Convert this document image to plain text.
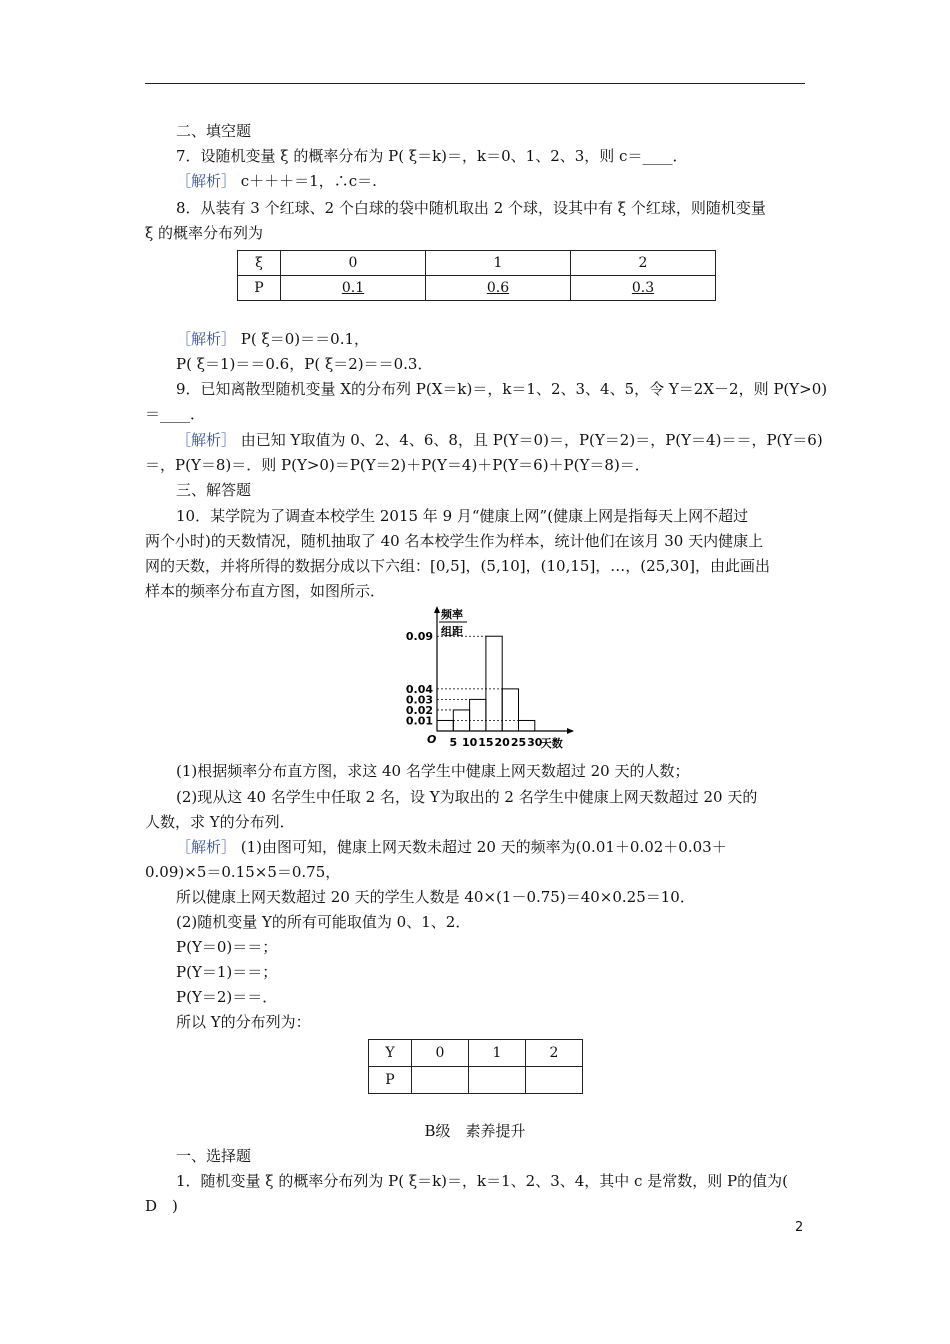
二、填空题
7．设随机变量 ξ 的概率分布为 P( ξ＝k)＝，k＝0、1、2、3，则 c＝____．
［解析］ c＋＋＋＝1，∴c＝.
8．从装有 3 个红球、2 个白球的袋中随机取出 2 个球，设其中有 ξ 个红球，则随机变量
ξ 的概率分布列为
ξ	0	1	2
P	0.1	0.6	0.3
［解析］ P( ξ＝0)＝＝0.1，
P( ξ＝1)＝＝0.6，P( ξ＝2)＝＝0.3．
9．已知离散型随机变量 X的分布列 P(X＝k)＝，k＝1、2、3、4、5，令 Y＝2X－2，则 P(Y>0)
＝____．
［解析］ 由已知 Y取值为 0、2、4、6、8，且 P(Y＝0)＝，P(Y＝2)＝，P(Y＝4)＝＝，P(Y＝6)
＝，P(Y＝8)＝．则 P(Y>0)＝P(Y＝2)＋P(Y＝4)＋P(Y＝6)＋P(Y＝8)＝．
三、解答题
10．某学院为了调查本校学生 2015 年 9 月“健康上网”(健康上网是指每天上网不超过
两个小时)的天数情况，随机抽取了 40 名本校学生作为样本，统计他们在该月 30 天内健康上
网的天数，并将所得的数据分成以下六组：[0,5]，(5,10]，(10,15]，…，(25,30]，由此画出
样本的频率分布直方图，如图所示．
频率
组距
0.09
0.04
0.03
0.02
0.01
O 5 10 15 20 25 30
天数
(1)根据频率分布直方图，求这 40 名学生中健康上网天数超过 20 天的人数；
(2)现从这 40 名学生中任取 2 名，设 Y为取出的 2 名学生中健康上网天数超过 20 天的
人数，求 Y的分布列．
［解析］ (1)由图可知，健康上网天数未超过 20 天的频率为(0.01＋0.02＋0.03＋
0.09)×5＝0.15×5＝0.75，
所以健康上网天数超过 20 天的学生人数是 40×(1－0.75)＝40×0.25＝10．
(2)随机变量 Y的所有可能取值为 0、1、2．
P(Y＝0)＝＝；
P(Y＝1)＝＝；
P(Y＝2)＝＝．
所以 Y的分布列为：
Y	0	1	2
P			
B级　素养提升
一、选择题
1．随机变量 ξ 的概率分布列为 P( ξ＝k)＝，k＝1、2、3、4，其中 c 是常数，则 P的值为(
D　)
2
